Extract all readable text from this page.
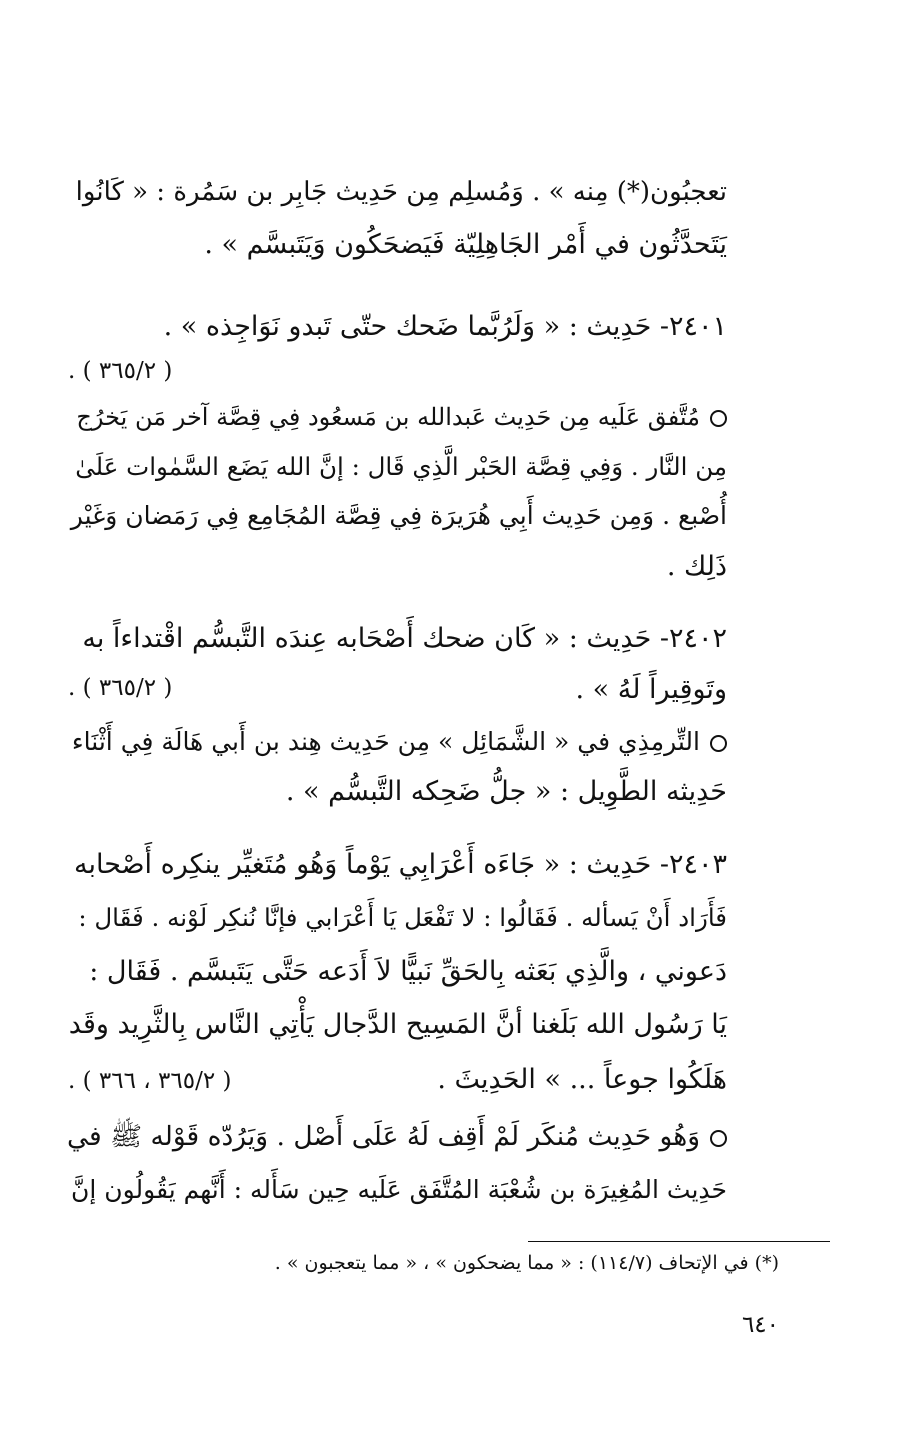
تعجبُون(*) مِنه » . وَمُسلِم مِن حَدِيث جَابِر بن سَمُرة : « كَانُوا
يَتَحدَّثُون في أَمْر الجَاهِلِيّة فَيَضحَكُون وَيَتَبسَّم » .
٢٤٠١- حَدِيث : « وَلَرُبَّما ضَحك حتّى تَبدو نَوَاجِذه » .
( ٣٦٥/٢ ) .
مُتَّفق عَلَيه مِن حَدِيث عَبدالله بن مَسعُود فِي قِصَّة آخر مَن يَخرُج
مِن النَّار . وَفِي قِصَّة الحَبْر الَّذِي قَال : إنَّ الله يَضَع السَّمٰوات عَلَىٰ
أُصْبع . وَمِن حَدِيث أَبِي هُرَيرَة فِي قِصَّة المُجَامِع فِي رَمَضان وَغَيْر
ذَلِك .
٢٤٠٢- حَدِيث : « كَان ضحك أَصْحَابه عِندَه التَّبسُّم اقْتداءاً به
وتَوقِيراً لَهُ » .
( ٣٦٥/٢ ) .
التِّرمِذِي في « الشَّمَائِل » مِن حَدِيث هِند بن أَبي هَالَة فِي أَثْنَاء
حَدِيثه الطَّوِيل : « جلُّ ضَحِكه التَّبسُّم » .
٢٤٠٣- حَدِيث : « جَاءَه أَعْرَابِي يَوْماً وَهُو مُتَغيِّر ينكِره أَصْحابه
فَأَرَاد أَنْ يَسأله . فَقَالُوا : لا تَفْعَل يَا أَعْرَابي فإنَّا نُنكِر لَوْنه . فَقَال :
دَعوني ، والَّذِي بَعَثه بِالحَقِّ نَبيًّا لاَ أَدَعه حَتَّى يَتَبسَّم . فَقَال :
يَا رَسُول الله بَلَغنا أنَّ المَسِيح الدَّجال يَأْتِي النَّاس بِالثَّرِيد وقَد
هَلَكُوا جوعاً ... » الحَدِيثَ .
( ٣٦٥/٢ ، ٣٦٦ ) .
وَهُو حَدِيث مُنكَر لَمْ أَقِف لَهُ عَلَى أَصْل . وَيَرُدّه قَوْله ﷺ في
حَدِيث المُغِيرَة بن شُعْبَة المُتَّفَق عَلَيه حِين سَأَله : أَنَّهم يَقُولُون إنَّ
(*) في الإتحاف (١١٤/٧) : « مما يضحكون » ، « مما يتعجبون » .
٦٤٠
